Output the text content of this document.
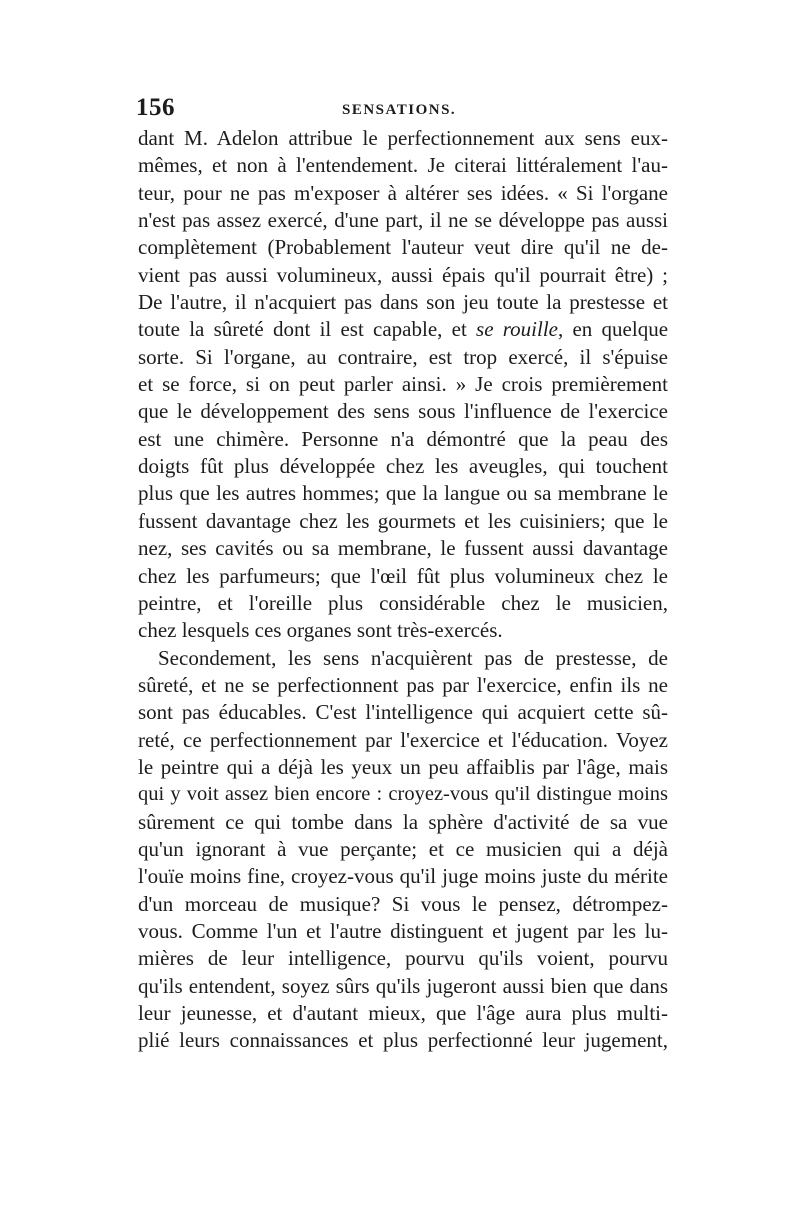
156	SENSATIONS.
dant M. Adelon attribue le perfectionnement aux sens eux-
mêmes, et non à l'entendement. Je citerai littéralement l'au-
teur, pour ne pas m'exposer à altérer ses idées. « Si l'organe
n'est pas assez exercé, d'une part, il ne se développe pas aussi
complètement (Probablement l'auteur veut dire qu'il ne de-
vient pas aussi volumineux, aussi épais qu'il pourrait être) ;
De l'autre, il n'acquiert pas dans son jeu toute la prestesse et
toute la sûreté dont il est capable, et se rouille, en quelque
sorte. Si l'organe, au contraire, est trop exercé, il s'épuise
et se force, si on peut parler ainsi. » Je crois premièrement
que le développement des sens sous l'influence de l'exercice
est une chimère. Personne n'a démontré que la peau des
doigts fût plus développée chez les aveugles, qui touchent
plus que les autres hommes; que la langue ou sa membrane le
fussent davantage chez les gourmets et les cuisiniers; que le
nez, ses cavités ou sa membrane, le fussent aussi davantage
chez les parfumeurs; que l'œil fût plus volumineux chez le
peintre, et l'oreille plus considérable chez le musicien,
chez lesquels ces organes sont très-exercés.
Secondement, les sens n'acquièrent pas de prestesse, de
sûreté, et ne se perfectionnent pas par l'exercice, enfin ils ne
sont pas éducables. C'est l'intelligence qui acquiert cette sû-
reté, ce perfectionnement par l'exercice et l'éducation. Voyez
le peintre qui a déjà les yeux un peu affaiblis par l'âge, mais
qui y voit assez bien encore : croyez-vous qu'il distingue moins
sûrement ce qui tombe dans la sphère d'activité de sa vue
qu'un ignorant à vue perçante; et ce musicien qui a déjà
l'ouïe moins fine, croyez-vous qu'il juge moins juste du mérite
d'un morceau de musique? Si vous le pensez, détrompez-
vous. Comme l'un et l'autre distinguent et jugent par les lu-
mières de leur intelligence, pourvu qu'ils voient, pourvu
qu'ils entendent, soyez sûrs qu'ils jugeront aussi bien que dans
leur jeunesse, et d'autant mieux, que l'âge aura plus multi-
plié leurs connaissances et plus perfectionné leur jugement,
